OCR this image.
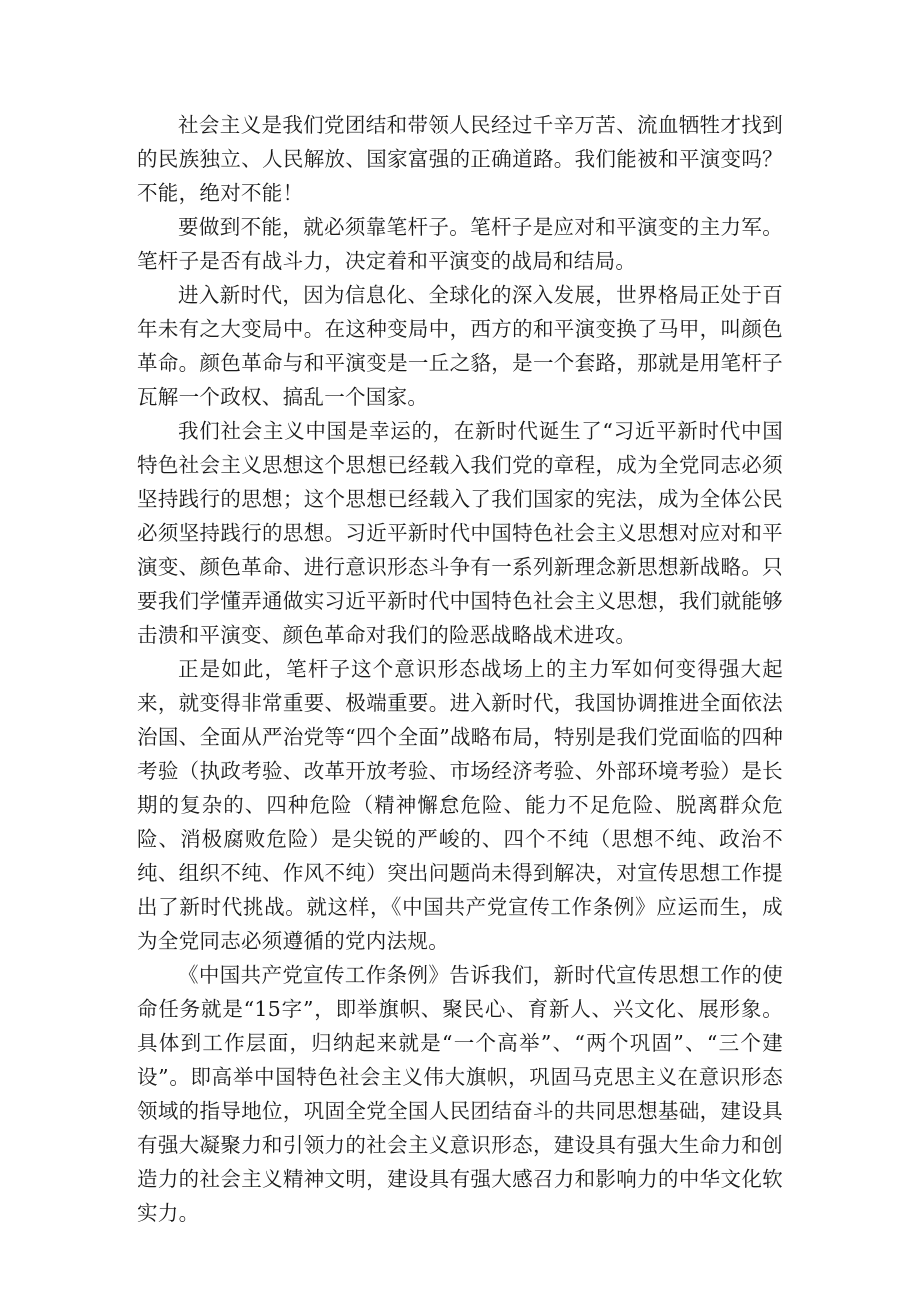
社会主义是我们党团结和带领人民经过千辛万苦、流血牺牲才找到的民族独立、人民解放、国家富强的正确道路。我们能被和平演变吗？不能，绝对不能！

要做到不能，就必须靠笔杆子。笔杆子是应对和平演变的主力军。笔杆子是否有战斗力，决定着和平演变的战局和结局。

进入新时代，因为信息化、全球化的深入发展，世界格局正处于百年未有之大变局中。在这种变局中，西方的和平演变换了马甲，叫颜色革命。颜色革命与和平演变是一丘之貉，是一个套路，那就是用笔杆子瓦解一个政权、搞乱一个国家。

我们社会主义中国是幸运的，在新时代诞生了“习近平新时代中国特色社会主义思想这个思想已经载入我们党的章程，成为全党同志必须坚持践行的思想；这个思想已经载入了我们国家的宪法，成为全体公民必须坚持践行的思想。习近平新时代中国特色社会主义思想对应对和平演变、颜色革命、进行意识形态斗争有一系列新理念新思想新战略。只要我们学懂弄通做实习近平新时代中国特色社会主义思想，我们就能够击溃和平演变、颜色革命对我们的险恶战略战术进攻。

正是如此，笔杆子这个意识形态战场上的主力军如何变得强大起来，就变得非常重要、极端重要。进入新时代，我国协调推进全面依法治国、全面从严治党等“四个全面”战略布局，特别是我们党面临的四种考验（执政考验、改革开放考验、市场经济考验、外部环境考验）是长期的复杂的、四种危险（精神懈怠危险、能力不足危险、脱离群众危险、消极腐败危险）是尖锐的严峻的、四个不纯（思想不纯、政治不纯、组织不纯、作风不纯）突出问题尚未得到解决，对宣传思想工作提出了新时代挑战。就这样，《中国共产党宣传工作条例》应运而生，成为全党同志必须遵循的党内法规。

《中国共产党宣传工作条例》告诉我们，新时代宣传思想工作的使命任务就是“15字”，即举旗帜、聚民心、育新人、兴文化、展形象。具体到工作层面，归纳起来就是“一个高举”、“两个巩固”、“三个建设”。即高举中国特色社会主义伟大旗帜，巩固马克思主义在意识形态领域的指导地位，巩固全党全国人民团结奋斗的共同思想基础，建设具有强大凝聚力和引领力的社会主义意识形态，建设具有强大生命力和创造力的社会主义精神文明，建设具有强大感召力和影响力的中华文化软实力。
